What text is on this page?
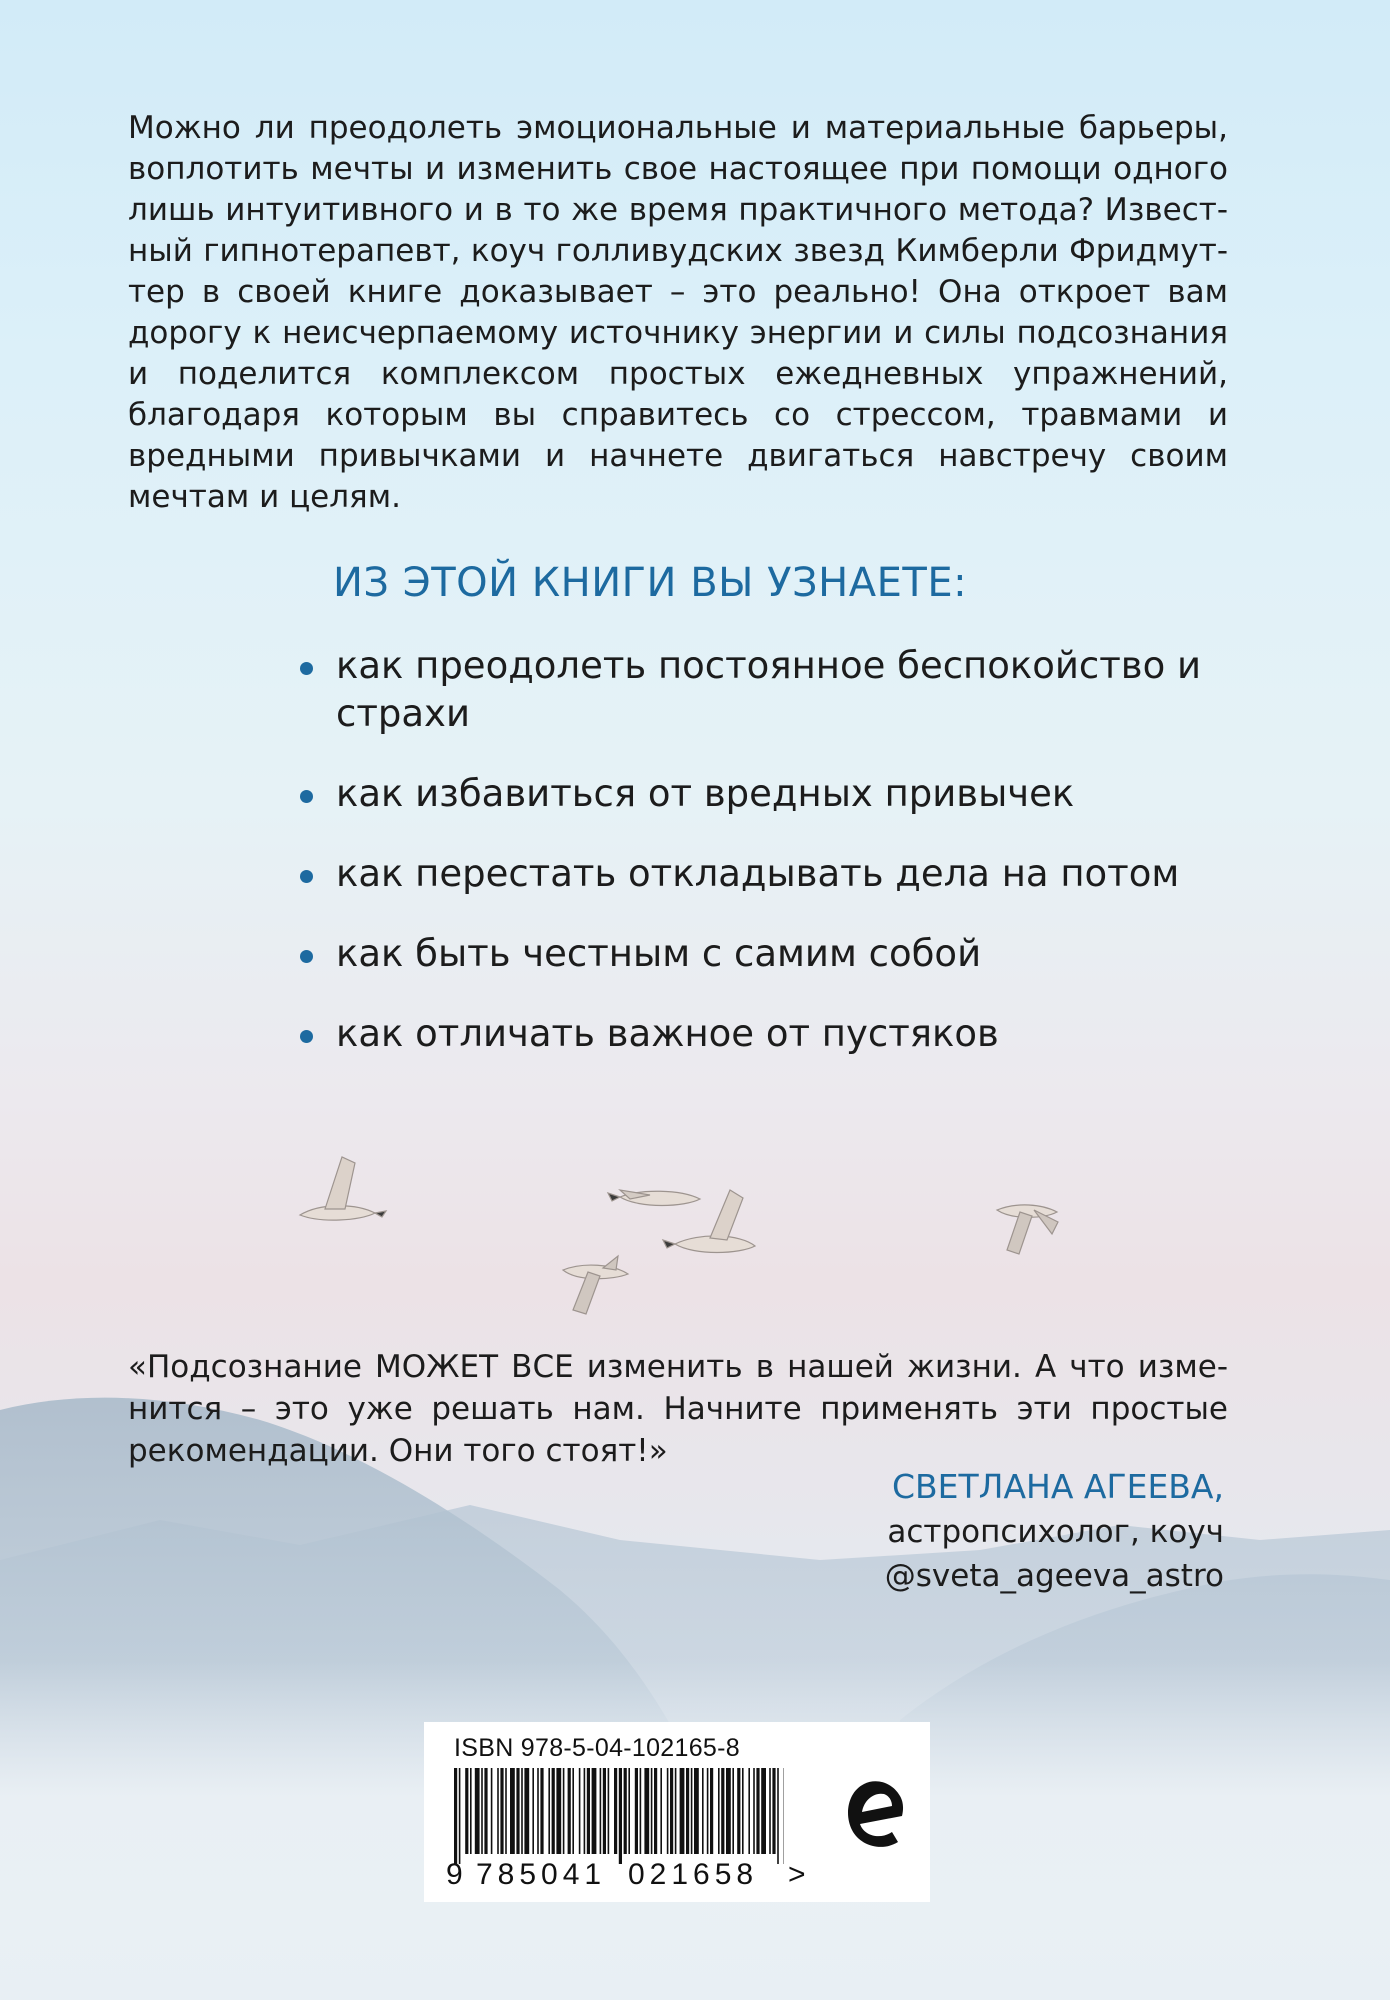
Можно ли преодолеть эмоциональные и материальные барьеры, воплотить мечты и изменить свое настоящее при помощи одного лишь интуитивного и в то же время практичного метода? Известный гипнотерапевт, коуч голливудских звезд Кимберли Фридмуттер в своей книге доказывает – это реально! Она откроет вам дорогу к неисчерпаемому источнику энергии и силы подсознания и поделится комплексом простых ежедневных упражнений, благодаря которым вы справитесь со стрессом, травмами и вредными привычками и начнете двигаться навстречу своим мечтам и целям.

ИЗ ЭТОЙ КНИГИ ВЫ УЗНАЕТЕ:
как преодолеть постоянное беспокойство и страхи
как избавиться от вредных привычек
как перестать откладывать дела на потом
как быть честным с самим собой
как отличать важное от пустяков

«Подсознание МОЖЕТ ВСЕ изменить в нашей жизни. А что изменится – это уже решать нам. Начните применять эти простые рекомендации. Они того стоят!»

СВЕТЛАНА АГЕЕВА,
астропсихолог, коуч
@sveta_ageeva_astro
ISBN 978-5-04-102165-8
9 785041 021658 >
